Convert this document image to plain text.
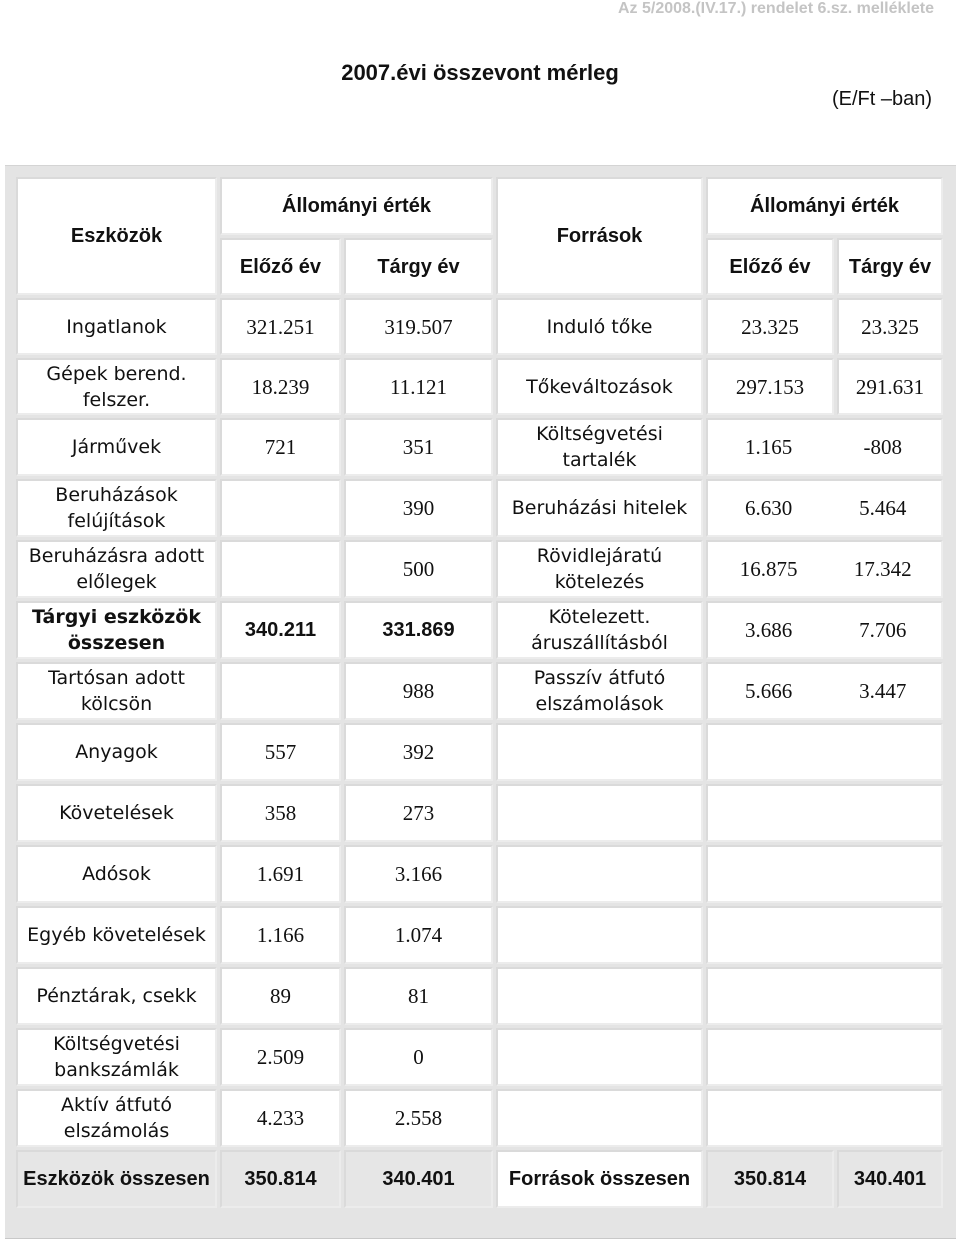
Az 5/2008.(IV.17.) rendelet 6.sz. melléklete
2007.évi összevont mérleg
(E/Ft –ban)
Eszközök	Állományi érték		Források	Állományi érték	
	Előző év	Tárgy év		Előző év	Tárgy év
Ingatlanok	321.251	319.507	Induló tőke	23.325	23.325
Gépek berend. felszer.	18.239	11.121	Tőkeváltozások	297.153	291.631
Járművek	721	351	Költségvetési tartalék	1.165 -808	
Beruházások felújítások		390	Beruházási hitelek	6.630 5.464	
Beruházásra adott előlegek		500	Rövidlejáratú kötelezés	16.875 17.342	
Tárgyi eszközök összesen	340.211	331.869	Kötelezett. áruszállításból	3.686 7.706	
Tartósan adott kölcsön		988	Passzív átfutó elszámolások	5.666 3.447	
Anyagok	557	392			
Követelések	358	273			
Adósok	1.691	3.166			
Egyéb követelések	1.166	1.074			
Pénztárak, csekk	89	81			
Költségvetési bankszámlák	2.509	0			
Aktív átfutó elszámolás	4.233	2.558			
Eszközök összesen	350.814	340.401	Források összesen	350.814	340.401
